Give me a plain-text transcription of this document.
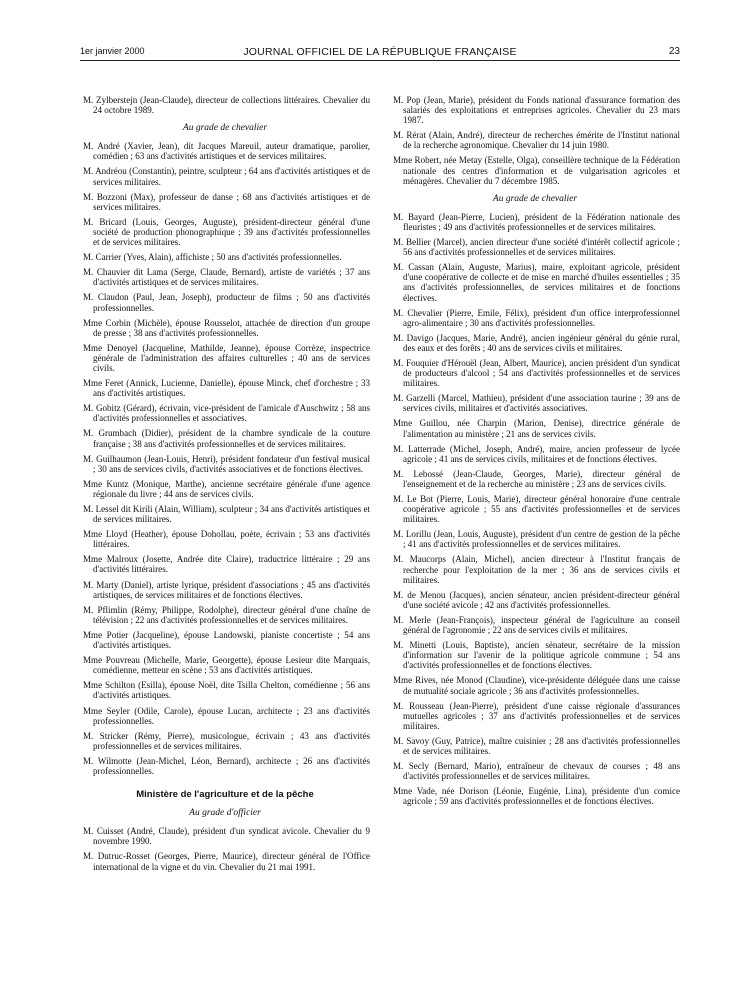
1er janvier 2000	JOURNAL OFFICIEL DE LA RÉPUBLIQUE FRANÇAISE	23

M. Zylberstejn (Jean-Claude), directeur de collections littéraires. Chevalier du 24 octobre 1989.

Au grade de chevalier

M. André (Xavier, Jean), dit Jacques Mareuil, auteur dramatique, parolier, comédien ; 63 ans d'activités artistiques et de services militaires.

M. Andréou (Constantin), peintre, sculpteur ; 64 ans d'activités artistiques et de services militaires.

M. Bozzoni (Max), professeur de danse ; 68 ans d'activités artistiques et de services militaires.

M. Bricard (Louis, Georges, Auguste), président-directeur général d'une société de production phonographique ; 39 ans d'activités professionnelles et de services militaires.

M. Carrier (Yves, Alain), affichiste ; 50 ans d'activités professionnelles.

M. Chauvier dit Lama (Serge, Claude, Bernard), artiste de variétés ; 37 ans d'activités artistiques et de services militaires.

M. Claudon (Paul, Jean, Joseph), producteur de films ; 50 ans d'activités professionnelles.

Mme Corbin (Michèle), épouse Rousselot, attachée de direction d'un groupe de presse ; 38 ans d'activités professionnelles.

Mme Denoyel (Jacqueline, Mathilde, Jeanne), épouse Corrèze, inspectrice générale de l'administration des affaires culturelles ; 40 ans de services civils.

Mme Feret (Annick, Lucienne, Danielle), épouse Minck, chef d'orchestre ; 33 ans d'activités artistiques.

M. Gobitz (Gérard), écrivain, vice-président de l'amicale d'Auschwitz ; 58 ans d'activités professionnelles et associatives.

M. Grumbach (Didier), président de la chambre syndicale de la couture française ; 38 ans d'activités professionnelles et de services militaires.

M. Guilhaumon (Jean-Louis, Henri), président fondateur d'un festival musical ; 30 ans de services civils, d'activités associatives et de fonctions électives.

Mme Kuntz (Monique, Marthe), ancienne secrétaire générale d'une agence régionale du livre ; 44 ans de services civils.

M. Lessel dit Kirili (Alain, William), sculpteur ; 34 ans d'activités artistiques et de services militaires.

Mme Lloyd (Heather), épouse Dohollau, poète, écrivain ; 53 ans d'activités littéraires.

Mme Malroux (Josette, Andrée dite Claire), traductrice littéraire ; 29 ans d'activités littéraires.

M. Marty (Daniel), artiste lyrique, président d'associations ; 45 ans d'activités artistiques, de services militaires et de fonctions électives.

M. Pflimlin (Rémy, Philippe, Rodolphe), directeur général d'une chaîne de télévision ; 22 ans d'activités professionnelles et de services militaires.

Mme Potier (Jacqueline), épouse Landowski, pianiste concertiste ; 54 ans d'activités artistiques.

Mme Pouvreau (Michelle, Marie, Georgette), épouse Lesieur dite Marquais, comédienne, metteur en scène ; 53 ans d'activités artistiques.

Mme Schilton (Esilla), épouse Noël, dite Tsilla Chelton, comédienne ; 56 ans d'activités artistiques.

Mme Seyler (Odile, Carole), épouse Lucan, architecte ; 23 ans d'activités professionnelles.

M. Stricker (Rémy, Pierre), musicologue, écrivain ; 43 ans d'activités professionnelles et de services militaires.

M. Wilmotte (Jean-Michel, Léon, Bernard), architecte ; 26 ans d'activités professionnelles.

Ministère de l'agriculture et de la pêche
Au grade d'officier

M. Cuisset (André, Claude), président d'un syndicat avicole. Chevalier du 9 novembre 1990.

M. Dutruc-Rosset (Georges, Pierre, Maurice), directeur général de l'Office international de la vigne et du vin. Chevalier du 21 mai 1991.

M. Pop (Jean, Marie), président du Fonds national d'assurance formation des salariés des exploitations et entreprises agricoles. Chevalier du 23 mars 1987.

M. Rérat (Alain, André), directeur de recherches émérite de l'Institut national de la recherche agronomique. Chevalier du 14 juin 1980.

Mme Robert, née Metay (Estelle, Olga), conseillère technique de la Fédération nationale des centres d'information et de vulgarisation agricoles et ménagères. Chevalier du 7 décembre 1985.

Au grade de chevalier

M. Bayard (Jean-Pierre, Lucien), président de la Fédération nationale des fleuristes ; 49 ans d'activités professionnelles et de services militaires.

M. Bellier (Marcel), ancien directeur d'une société d'intérêt collectif agricole ; 56 ans d'activités professionnelles et de services militaires.

M. Cassan (Alain, Auguste, Marius), maire, exploitant agricole, président d'une coopérative de collecte et de mise en marché d'huiles essentielles ; 35 ans d'activités professionnelles, de services militaires et de fonctions électives.

M. Chevalier (Pierre, Emile, Félix), président d'un office interprofessionnel agro-alimentaire ; 30 ans d'activités professionnelles.

M. Davigo (Jacques, Marie, André), ancien ingénieur général du génie rural, des eaux et des forêts ; 40 ans de services civils et militaires.

M. Fouquier d'Hérouël (Jean, Albert, Maurice), ancien président d'un syndicat de producteurs d'alcool ; 54 ans d'activités professionnelles et de services militaires.

M. Garzelli (Marcel, Mathieu), président d'une association taurine ; 39 ans de services civils, militaires et d'activités associatives.

Mme Guillou, née Charpin (Marion, Denise), directrice générale de l'alimentation au ministère ; 21 ans de services civils.

M. Latterrade (Michel, Joseph, André), maire, ancien professeur de lycée agricole ; 41 ans de services civils, militaires et de fonctions électives.

M. Lebossé (Jean-Claude, Georges, Marie), directeur général de l'enseignement et de la recherche au ministère ; 23 ans de services civils.

M. Le Bot (Pierre, Louis, Marie), directeur général honoraire d'une centrale coopérative agricole ; 55 ans d'activités professionnelles et de services militaires.

M. Lorillu (Jean, Louis, Auguste), président d'un centre de gestion de la pêche ; 41 ans d'activités professionnelles et de services militaires.

M. Maucorps (Alain, Michel), ancien directeur à l'Institut français de recherche pour l'exploitation de la mer ; 36 ans de services civils et militaires.

M. de Menou (Jacques), ancien sénateur, ancien président-directeur général d'une société avicole ; 42 ans d'activités professionnelles.

M. Merle (Jean-François), inspecteur général de l'agriculture au conseil général de l'agronomie ; 22 ans de services civils et militaires.

M. Minetti (Louis, Baptiste), ancien sénateur, secrétaire de la mission d'information sur l'avenir de la politique agricole commune ; 54 ans d'activités professionnelles et de fonctions électives.

Mme Rives, née Monod (Claudine), vice-présidente déléguée dans une caisse de mutualité sociale agricole ; 36 ans d'activités professionnelles.

M. Rousseau (Jean-Pierre), président d'une caisse régionale d'assurances mutuelles agricoles ; 37 ans d'activités professionnelles et de services militaires.

M. Savoy (Guy, Patrice), maître cuisinier ; 28 ans d'activités professionnelles et de services militaires.

M. Secly (Bernard, Mario), entraîneur de chevaux de courses ; 48 ans d'activités professionnelles et de services militaires.

Mme Vade, née Dorison (Léonie, Eugénie, Lina), présidente d'un comice agricole ; 59 ans d'activités professionnelles et de fonctions électives.
